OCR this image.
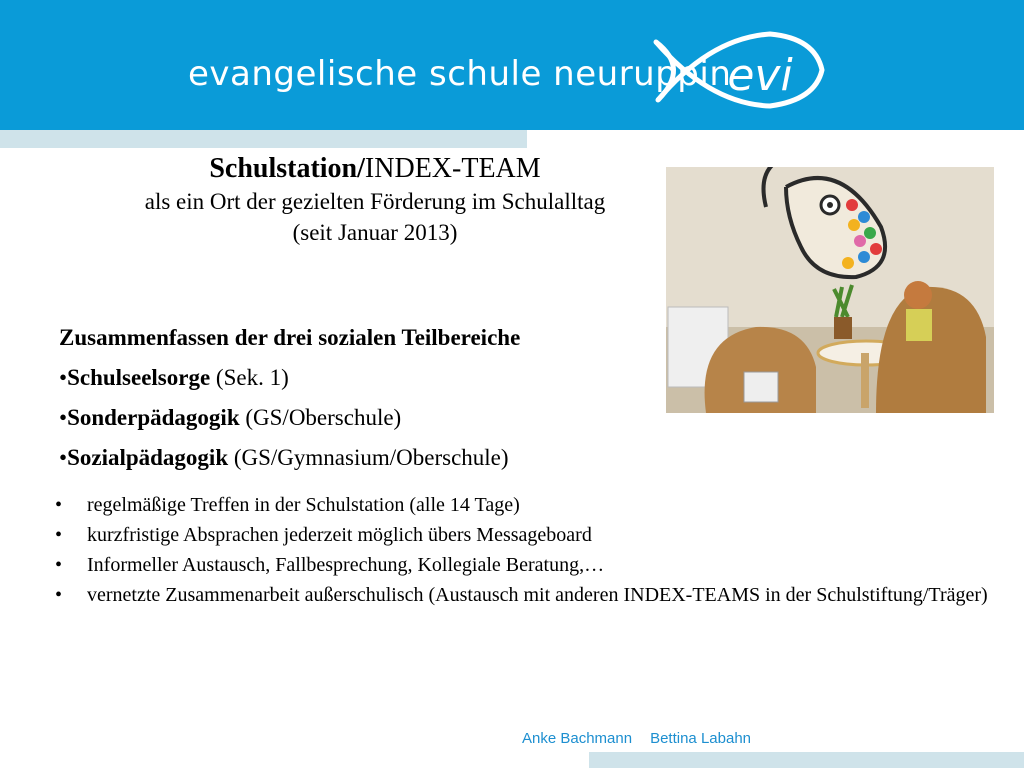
evangelische schule neuruppin
evi
Schulstation/INDEX-TEAM
als ein Ort der gezielten Förderung im Schulalltag
(seit Januar 2013)
Zusammenfassen der drei sozialen Teilbereiche
•Schulseelsorge (Sek. 1)
•Sonderpädagogik (GS/Oberschule)
•Sozialpädagogik (GS/Gymnasium/Oberschule)
• regelmäßige Treffen in der Schulstation (alle 14 Tage)
• kurzfristige Absprachen jederzeit möglich übers Messageboard
• Informeller Austausch, Fallbesprechung, Kollegiale Beratung,…
• vernetzte Zusammenarbeit außerschulisch (Austausch mit anderen INDEX-TEAMS in der Schulstiftung/Träger)
Anke Bachmann Bettina Labahn
